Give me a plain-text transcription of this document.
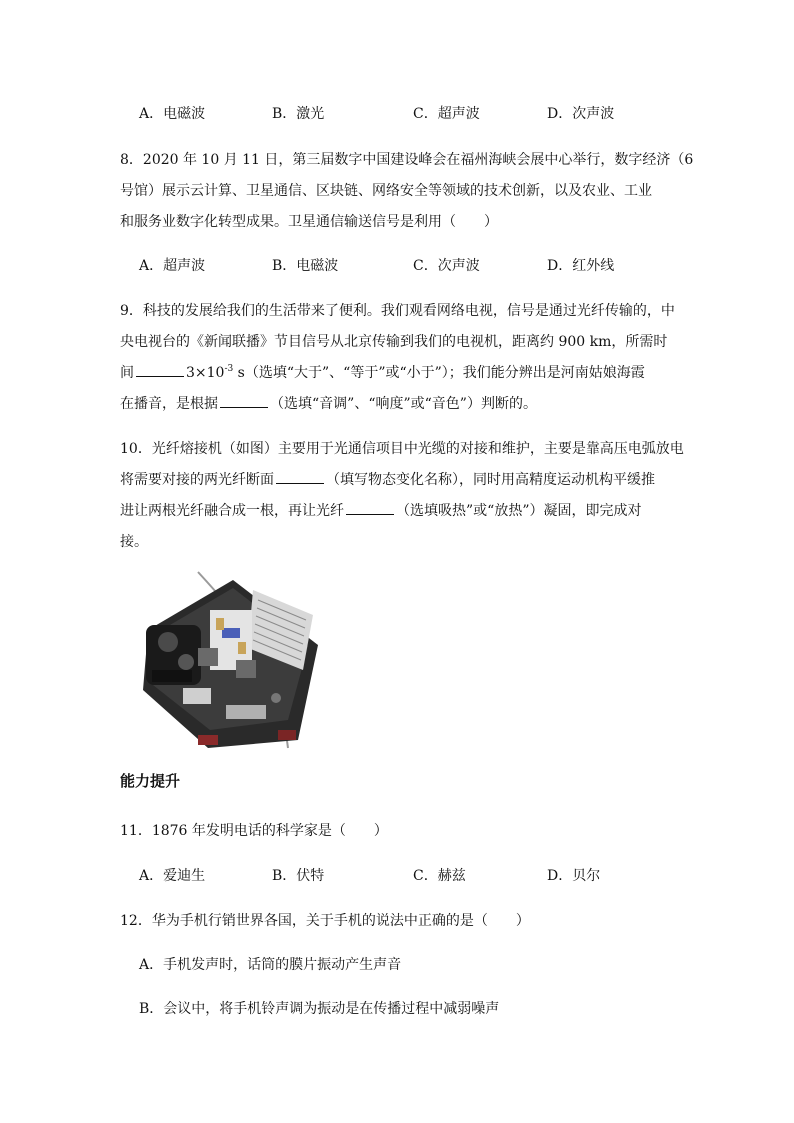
A．电磁波	B．激光	C．超声波	D．次声波
8．2020 年 10 月 11 日，第三届数字中国建设峰会在福州海峡会展中心举行，数字经济（6
号馆）展示云计算、卫星通信、区块链、网络安全等领域的技术创新，以及农业、工业
和服务业数字化转型成果。卫星通信输送信号是利用（　　）
A．超声波	B．电磁波	C．次声波	D．红外线
9．科技的发展给我们的生活带来了便利。我们观看网络电视，信号是通过光纤传输的，中
央电视台的《新闻联播》节目信号从北京传输到我们的电视机，距离约 900 km，所需时
间	$3\times 10^{-3}$ s（选填“大于”、“等于”或“小于”）；我们能分辨出是河南姑娘海霞
在播音，是根据	（选填“音调”、“响度”或“音色”）判断的。
10．光纤熔接机（如图）主要用于光通信项目中光缆的对接和维护，主要是靠高压电弧放电
将需要对接的两光纤断面	（填写物态变化名称），同时用高精度运动机构平缓推
进让两根光纤融合成一根，再让光纤	（选填吸热”或“放热”）凝固，即完成对
接。
能力提升
11．1876 年发明电话的科学家是（　　）
A．爱迪生	B．伏特	C．赫兹	D．贝尔
12．华为手机行销世界各国，关于手机的说法中正确的是（　　）
A．手机发声时，话筒的膜片振动产生声音
B．会议中，将手机铃声调为振动是在传播过程中减弱噪声
